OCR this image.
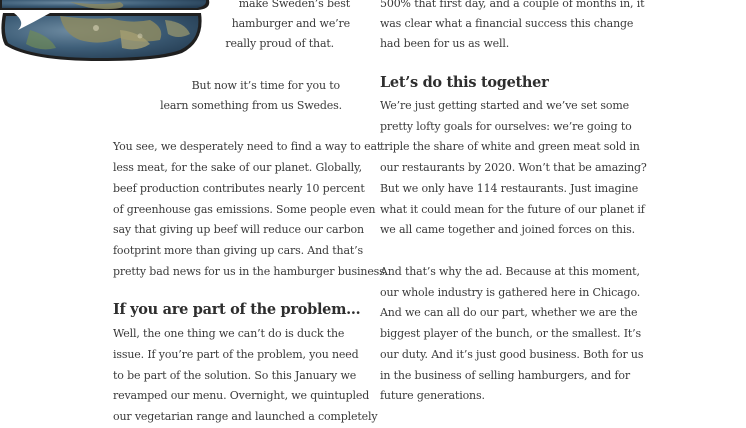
make Sweden’s best
hamburger and we’re
really proud of that.
But now it’s time for you to
learn something from us Swedes.
You see, we desperately need to find a way to eat
less meat, for the sake of our planet. Globally,
beef production contributes nearly 10 percent
of greenhouse gas emissions. Some people even
say that giving up beef will reduce our carbon
footprint more than giving up cars. And that’s
pretty bad news for us in the hamburger business.
If you are part of the problem…
Well, the one thing we can’t do is duck the
issue. If you’re part of the problem, you need
to be part of the solution. So this January we
revamped our menu. Overnight, we quintupled
our vegetarian range and launched a completely
500% that first day, and a couple of months in, it
was clear what a financial success this change
had been for us as well.
Let’s do this together
We’re just getting started and we’ve set some
pretty lofty goals for ourselves: we’re going to
triple the share of white and green meat sold in
our restaurants by 2020. Won’t that be amazing?
But we only have 114 restaurants. Just imagine
what it could mean for the future of our planet if
we all came together and joined forces on this.
And that’s why the ad. Because at this moment,
our whole industry is gathered here in Chicago.
And we can all do our part, whether we are the
biggest player of the bunch, or the smallest. It’s
our duty. And it’s just good business. Both for us
in the business of selling hamburgers, and for
future generations.
